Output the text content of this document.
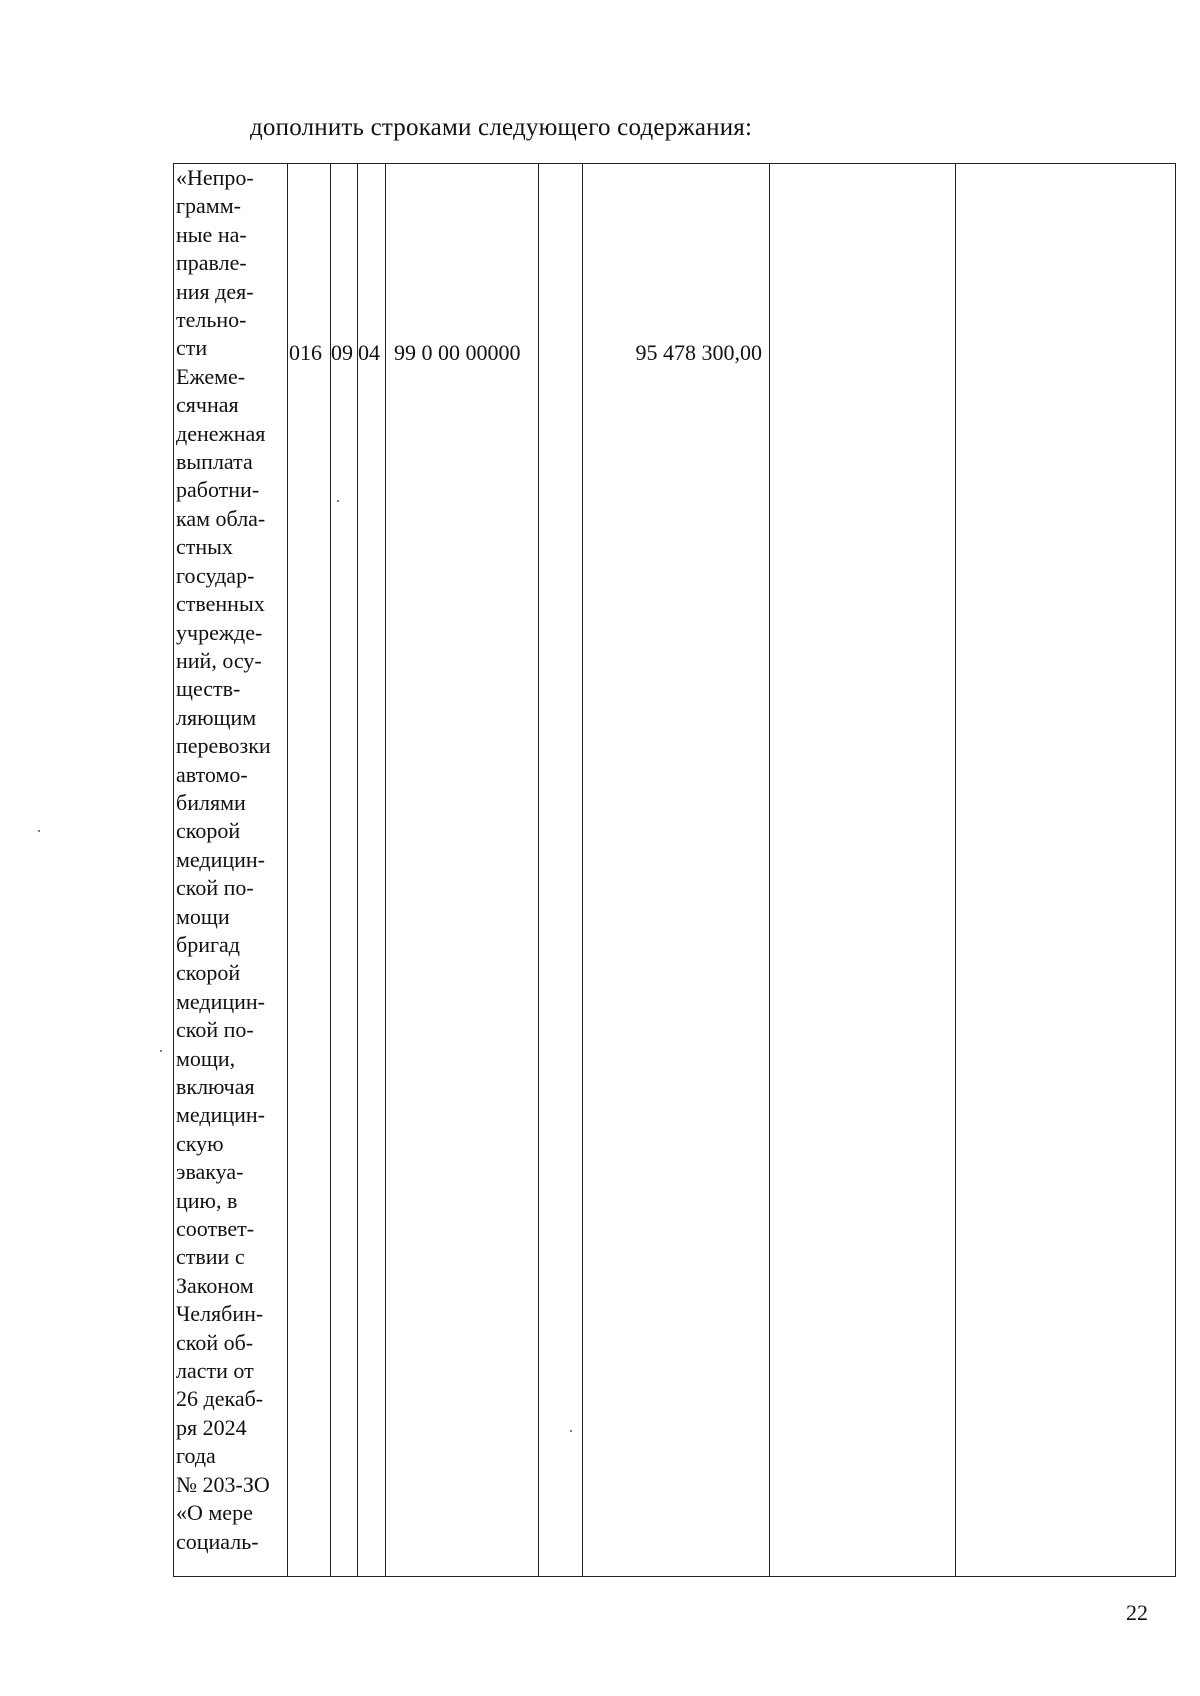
дополнить строками следующего содержания:
«Непро-
грамм-
ные на-
правле-
ния дея-
тельно-
сти
Ежеме-
сячная
денежная
выплата
работни-
кам обла-
стных
государ-
ственных
учрежде-
ний, осу-
ществ-
ляющим
перевозки
автомо-
билями
скорой
медицин-
ской по-
мощи
бригад
скорой
медицин-
ской по-
мощи,
включая
медицин-
скую
эвакуа-
цию, в
соответ-
ствии с
Законом
Челябин-
ской об-
ласти от
26 декаб-
ря 2024
года
№ 203-ЗО
«О мере
социаль-
016 09 04 99 0 00 00000	95 478 300,00
22
